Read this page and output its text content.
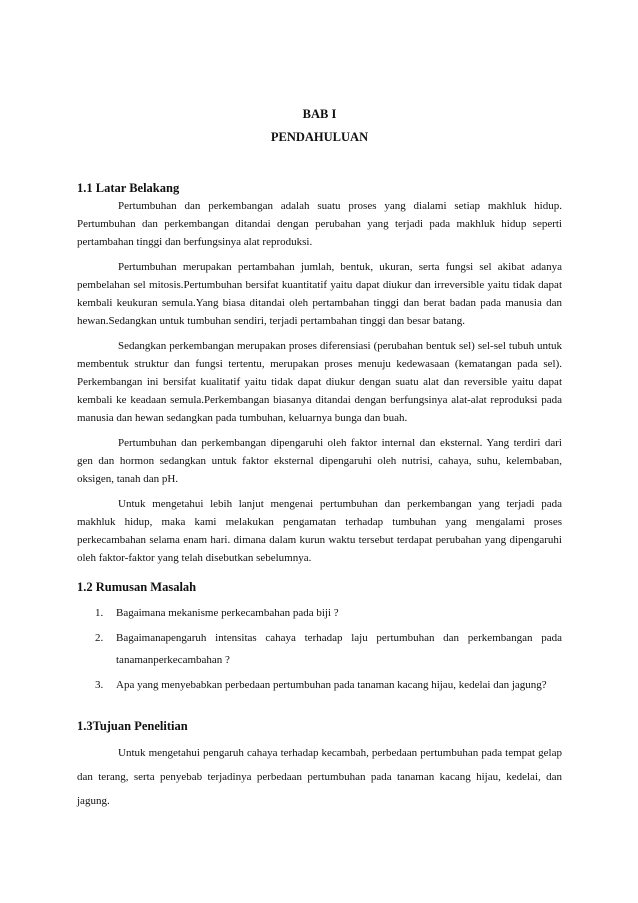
BAB I

PENDAHULUAN

1.1 Latar Belakang

Pertumbuhan dan perkembangan adalah suatu proses yang dialami setiap makhluk hidup. Pertumbuhan dan perkembangan ditandai dengan perubahan yang terjadi pada makhluk hidup seperti pertambahan tinggi dan berfungsinya alat reproduksi.

Pertumbuhan merupakan pertambahan jumlah, bentuk, ukuran, serta fungsi sel akibat adanya pembelahan sel mitosis.Pertumbuhan bersifat kuantitatif yaitu dapat diukur dan irreversible yaitu tidak dapat kembali keukuran semula.Yang biasa ditandai oleh pertambahan tinggi dan berat badan pada manusia dan hewan.Sedangkan untuk tumbuhan sendiri, terjadi pertambahan tinggi dan besar batang.

Sedangkan perkembangan merupakan proses diferensiasi (perubahan bentuk sel) sel-sel tubuh untuk membentuk struktur dan fungsi tertentu, merupakan proses menuju kedewasaan (kematangan pada sel). Perkembangan ini bersifat kualitatif yaitu tidak dapat diukur dengan suatu alat dan reversible yaitu dapat kembali ke keadaan semula.Perkembangan biasanya ditandai dengan berfungsinya alat-alat reproduksi pada manusia dan hewan sedangkan pada tumbuhan, keluarnya bunga dan buah.

Pertumbuhan dan perkembangan dipengaruhi oleh faktor internal dan eksternal. Yang terdiri dari gen dan hormon sedangkan untuk faktor eksternal dipengaruhi oleh nutrisi, cahaya, suhu, kelembaban, oksigen, tanah dan pH.

Untuk mengetahui lebih lanjut mengenai pertumbuhan dan perkembangan yang terjadi pada makhluk hidup, maka kami melakukan pengamatan terhadap tumbuhan yang mengalami proses perkecambahan selama enam hari. dimana dalam kurun waktu tersebut terdapat perubahan yang dipengaruhi oleh faktor-faktor yang telah disebutkan sebelumnya.

1.2 Rumusan Masalah

1. Bagaimana mekanisme perkecambahan pada biji ?
2. Bagaimanapengaruh intensitas cahaya terhadap laju pertumbuhan dan perkembangan pada tanamanperkecambahan ?
3. Apa yang menyebabkan perbedaan pertumbuhan pada tanaman kacang hijau, kedelai dan jagung?

1.3Tujuan Penelitian

Untuk mengetahui pengaruh cahaya terhadap kecambah, perbedaan pertumbuhan pada tempat gelap dan terang, serta penyebab terjadinya perbedaan pertumbuhan pada tanaman kacang hijau, kedelai, dan jagung.
